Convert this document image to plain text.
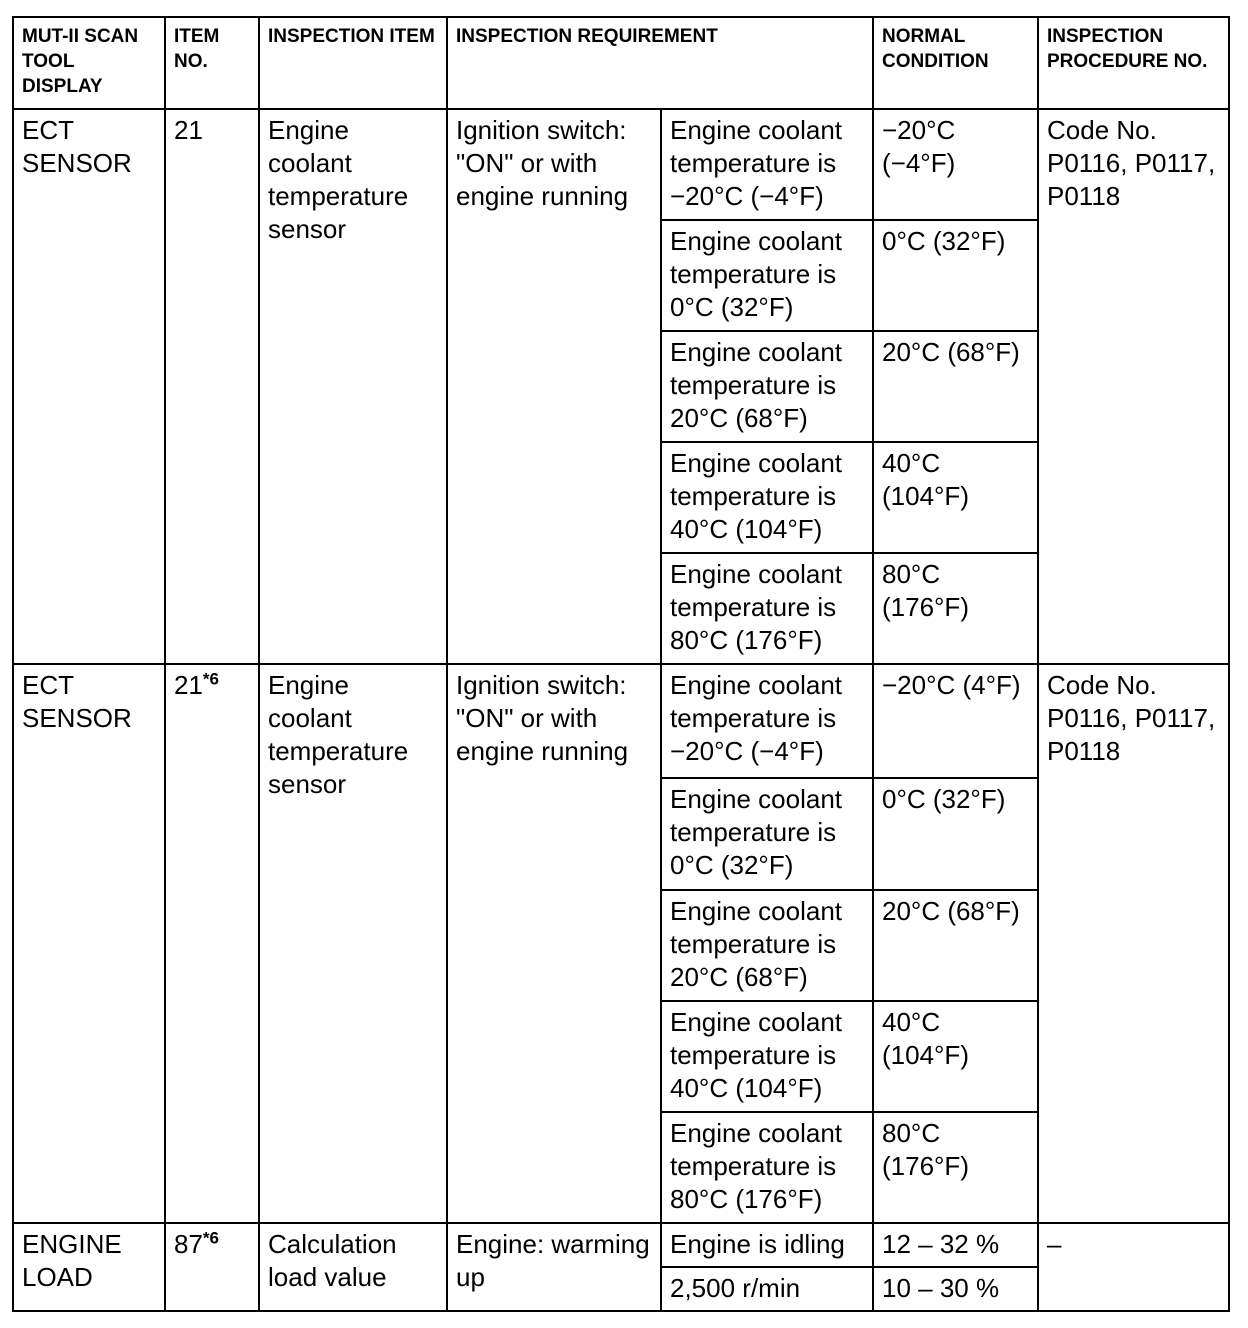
MUT-II SCAN TOOL DISPLAY	ITEM NO.	INSPECTION ITEM	INSPECTION REQUIREMENT		NORMAL CONDITION	INSPECTION PROCEDURE NO.
ECT SENSOR	21	Engine coolant temperature sensor	Ignition switch: "ON" or with engine running	Engine coolant temperature is −20°C (−4°F)	−20°C (−4°F)	Code No. P0116, P0117, P0118
				Engine coolant temperature is 0°C (32°F)	0°C (32°F)	
				Engine coolant temperature is 20°C (68°F)	20°C (68°F)	
				Engine coolant temperature is 40°C (104°F)	40°C (104°F)	
				Engine coolant temperature is 80°C (176°F)	80°C (176°F)	
ECT SENSOR	21$^{*6}$	Engine coolant temperature sensor	Ignition switch: "ON" or with engine running	Engine coolant temperature is −20°C (−4°F)	−20°C (4°F)	Code No. P0116, P0117, P0118
				Engine coolant temperature is 0°C (32°F)	0°C (32°F)	
				Engine coolant temperature is 20°C (68°F)	20°C (68°F)	
				Engine coolant temperature is 40°C (104°F)	40°C (104°F)	
				Engine coolant temperature is 80°C (176°F)	80°C (176°F)	
ENGINE LOAD	87$^{*6}$	Calculation load value	Engine: warming up	Engine is idling	12 – 32 %	–
				2,500 r/min	10 – 30 %	
